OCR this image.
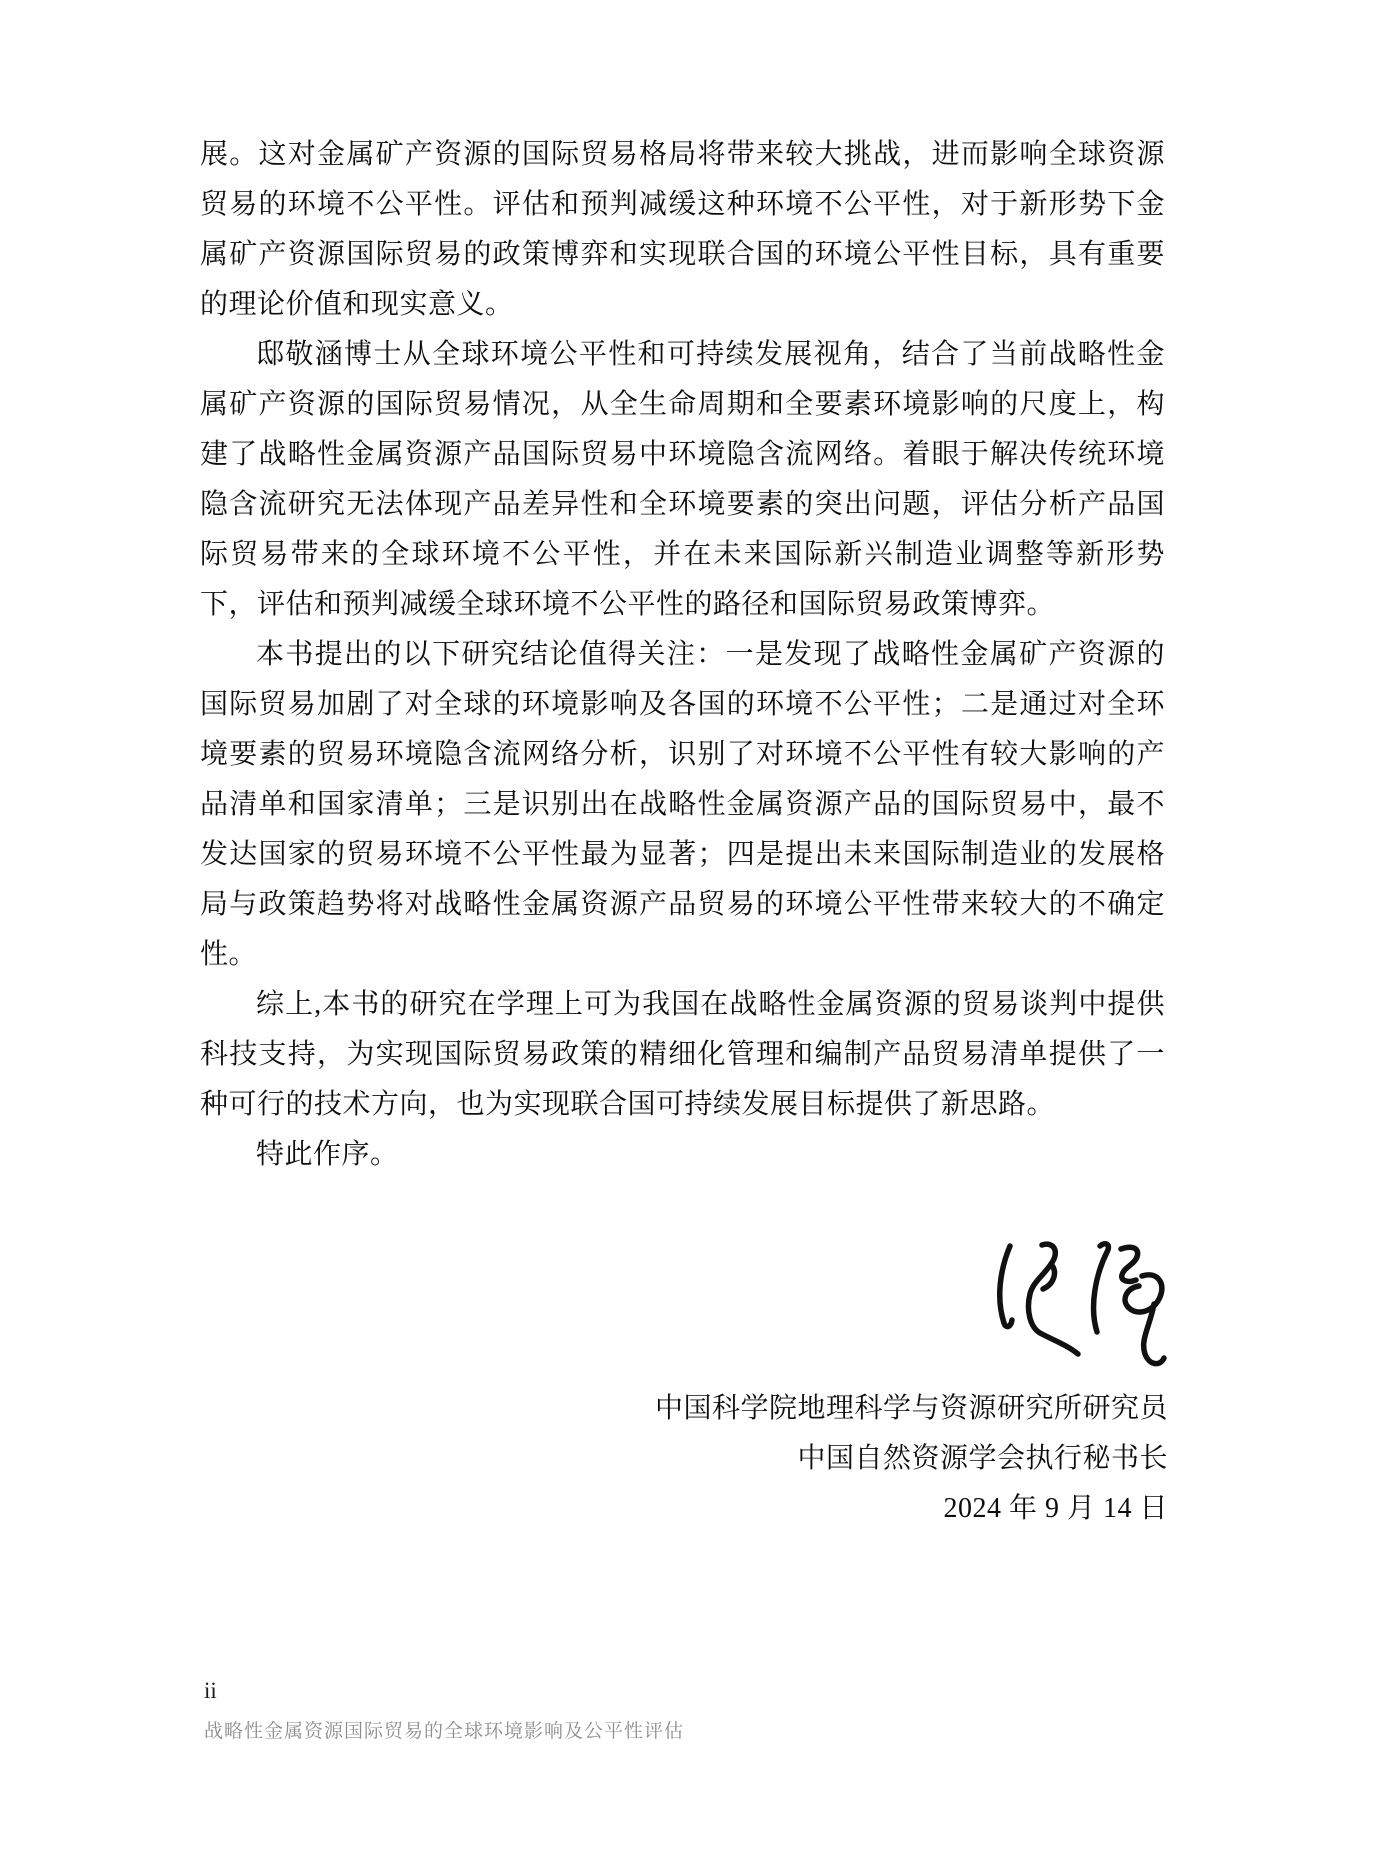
展。这对金属矿产资源的国际贸易格局将带来较大挑战，进而影响全球资源贸易的环境不公平性。评估和预判减缓这种环境不公平性，对于新形势下金属矿产资源国际贸易的政策博弈和实现联合国的环境公平性目标，具有重要的理论价值和现实意义。

邸敬涵博士从全球环境公平性和可持续发展视角，结合了当前战略性金属矿产资源的国际贸易情况，从全生命周期和全要素环境影响的尺度上，构建了战略性金属资源产品国际贸易中环境隐含流网络。着眼于解决传统环境隐含流研究无法体现产品差异性和全环境要素的突出问题，评估分析产品国际贸易带来的全球环境不公平性，并在未来国际新兴制造业调整等新形势下，评估和预判减缓全球环境不公平性的路径和国际贸易政策博弈。

本书提出的以下研究结论值得关注：一是发现了战略性金属矿产资源的国际贸易加剧了对全球的环境影响及各国的环境不公平性；二是通过对全环境要素的贸易环境隐含流网络分析，识别了对环境不公平性有较大影响的产品清单和国家清单；三是识别出在战略性金属资源产品的国际贸易中，最不发达国家的贸易环境不公平性最为显著；四是提出未来国际制造业的发展格局与政策趋势将对战略性金属资源产品贸易的环境公平性带来较大的不确定性。

综上,本书的研究在学理上可为我国在战略性金属资源的贸易谈判中提供科技支持，为实现国际贸易政策的精细化管理和编制产品贸易清单提供了一种可行的技术方向，也为实现联合国可持续发展目标提供了新思路。

特此作序。

中国科学院地理科学与资源研究所研究员
中国自然资源学会执行秘书长
2024 年 9 月 14 日
ii
战略性金属资源国际贸易的全球环境影响及公平性评估
